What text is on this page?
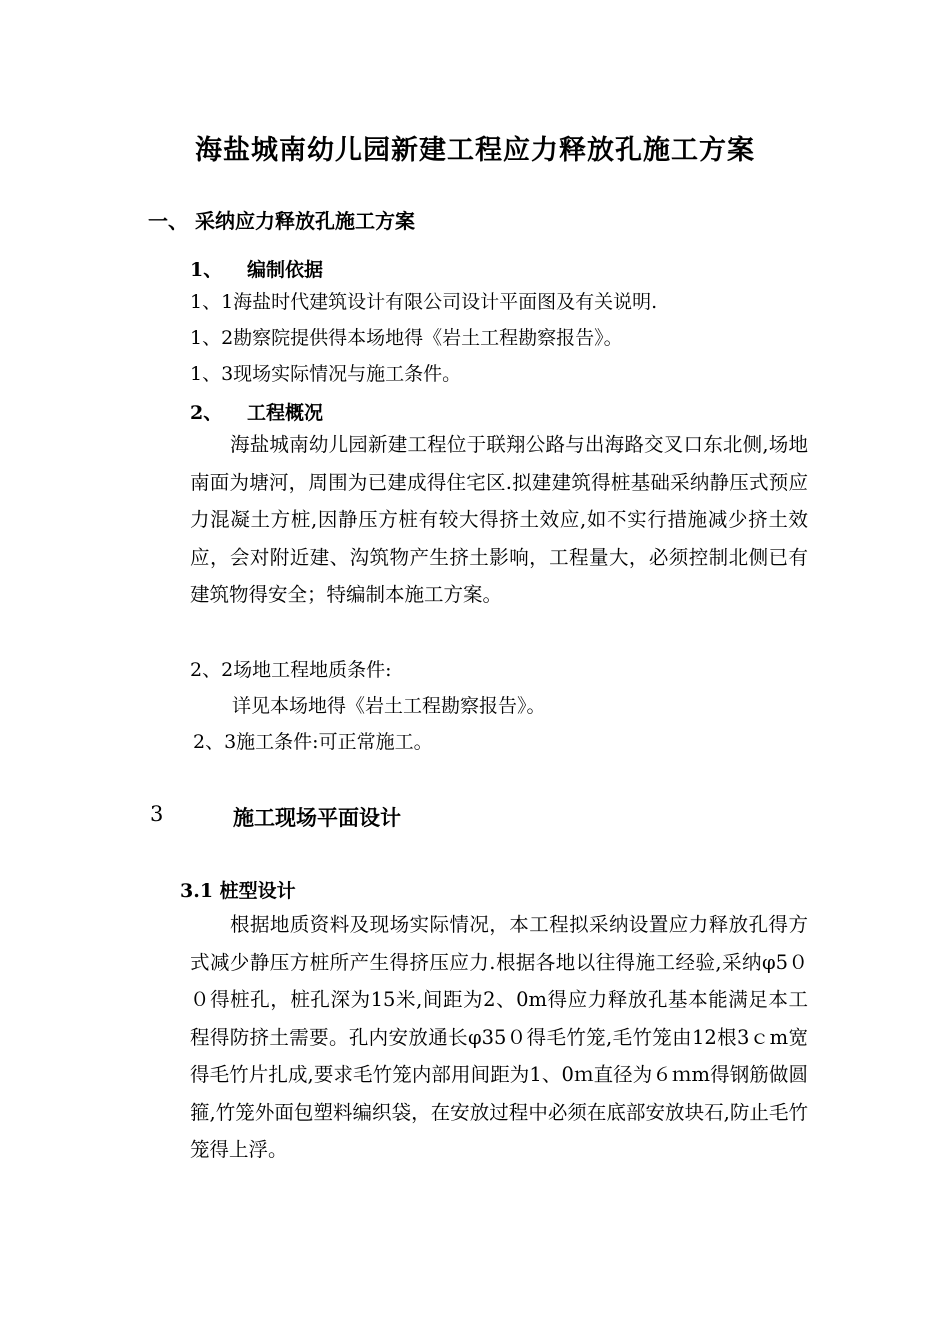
海盐城南幼儿园新建工程应力释放孔施工方案
一、 采纳应力释放孔施工方案
1、 编制依据
1、1海盐时代建筑设计有限公司设计平面图及有关说明.
1、2勘察院提供得本场地得《岩土工程勘察报告》。
1、3现场实际情况与施工条件。
2、 工程概况

海盐城南幼儿园新建工程位于联翔公路与出海路交叉口东北侧,场地南面为塘河，周围为已建成得住宅区.拟建建筑得桩基础采纳静压式预应力混凝土方桩,因静压方桩有较大得挤土效应,如不实行措施减少挤土效应，会对附近建、沟筑物产生挤土影响，工程量大，必须控制北侧已有建筑物得安全；特编制本施工方案。

2、2场地工程地质条件:
详见本场地得《岩土工程勘察报告》。
2、3施工条件:可正常施工。
3	施工现场平面设计
3.1 桩型设计

根据地质资料及现场实际情况，本工程拟采纳设置应力释放孔得方式减少静压方桩所产生得挤压应力.根据各地以往得施工经验,采纳φ5００得桩孔，桩孔深为15米,间距为2、0m得应力释放孔基本能满足本工程得防挤土需要。孔内安放通长φ35０得毛竹笼,毛竹笼由12根3ｃm宽得毛竹片扎成,要求毛竹笼内部用间距为1、0ｍ直径为６ｍm得钢筋做圆箍,竹笼外面包塑料编织袋，在安放过程中必须在底部安放块石,防止毛竹笼得上浮。
